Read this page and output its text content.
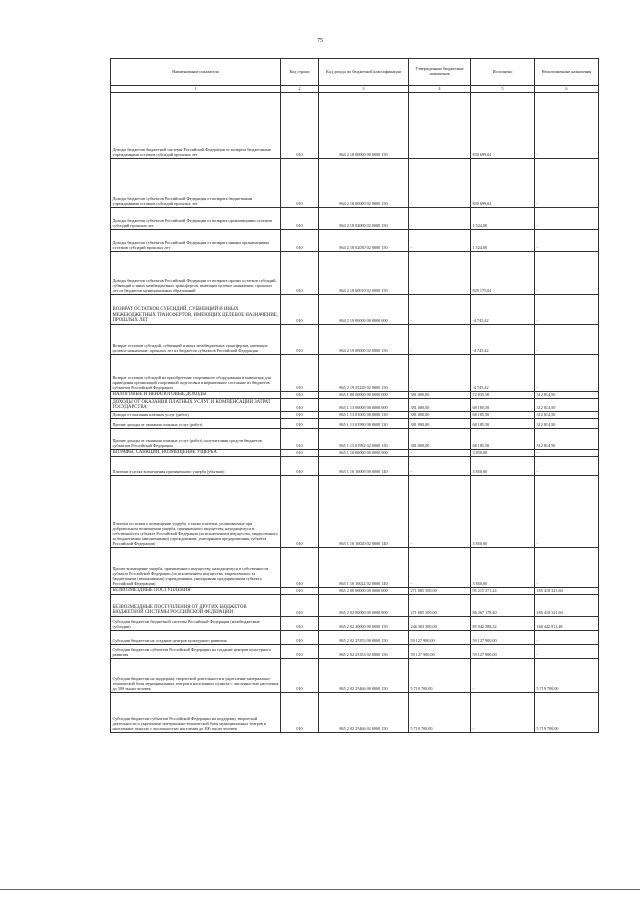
75
Наименование показателя	Код строки	Код дохода по бюджетной классификации	Утвержденные бюджетные назначения	Исполнено	Неисполненные назначения
1	2	3	4	5	6
Доходы бюджетов бюджетной системы Российской Федерации от возврата бюджетными учреждениями остатков субсидий прошлых лет	010	864 2 18 00000 00 0000 150	-	830 699,04	-
Доходы бюджетов субъектов Российской Федерации от возврата бюджетными учреждениями остатков субсидий прошлых лет	010	864 2 18 00000 02 0000 150	-	830 699,04	-
Доходы бюджетов субъектов Российской Федерации от возврата организациями остатков субсидий прошлых лет	010	864 2 18 02000 02 0000 150	-	1 524,00	-
Доходы бюджетов субъектов Российской Федерации от возврата иными организациями остатков субсидий прошлых лет	010	864 2 18 02030 02 0000 150	-	1 524,00	-
Доходы бюджетов субъектов Российской Федерации от возврата прочих остатков субсидий, субвенций и иных межбюджетных трансфертов, имеющих целевое назначение, прошлых лет из бюджетов муниципальных образований	010	864 2 18 60010 02 0000 150	-	829 175,04	-
ВОЗВРАТ ОСТАТКОВ СУБСИДИЙ, СУБВЕНЦИЙ И ИНЫХ МЕЖБЮДЖЕТНЫХ ТРАНСФЕРТОВ, ИМЕЮЩИХ ЦЕЛЕВОЕ НАЗНАЧЕНИЕ, ПРОШЛЫХ ЛЕТ	010	864 2 19 00000 00 0000 000	-	-4 745,42	-
Возврат остатков субсидий, субвенций и иных межбюджетных трансфертов, имеющих целевое назначение, прошлых лет из бюджетов субъектов Российской Федерации	010	864 2 19 00000 02 0000 150	-	-4 745,42	-
Возврат остатков субсидий на приобретение спортивного оборудования и инвентаря для приведения организаций спортивной подготовки в нормативное состояние из бюджетов субъектов Российской Федерации	010	865 2 19 25229 02 0000 150	-	-4 745,42	-
НАЛОГОВЫЕ И НЕНАЛОГОВЫЕ ДОХОДЫ	010	865 1 00 00000 00 0000 000	381 000,00	72 035,50	312 814,50
ДОХОДЫ ОТ ОКАЗАНИЯ ПЛАТНЫХ УСЛУГ И КОМПЕНСАЦИИ ЗАТРАТ ГОСУДАРСТВА	010	865 1 13 00000 00 0000 000	381 000,00	68 185,50	312 814,50
Доходы от оказания платных услуг (работ)	010	865 1 13 01000 00 0000 130	381 000,00	68 185,50	312 814,50
Прочие доходы от оказания платных услуг (работ)	010	865 1 13 01990 00 0000 130	381 000,00	68 185,50	312 814,50
Прочие доходы от оказания платных услуг (работ) получателями средств бюджетов субъектов Российской Федерации	010	865 1 13 01992 02 0000 130	381 000,00	68 185,50	312 814,50
ШТРАФЫ, САНКЦИИ, ВОЗМЕЩЕНИЕ УЩЕРБА	010	865 1 16 00000 00 0000 000	-	3 850,00	-
Платежи в целях возмещения причиненного ущерба (убытков)	010	865 1 16 10000 00 0000 140	-	3 850,00	-
Платежи по искам о возмещении ущерба, а также платежи, уплачиваемые при добровольном возмещении ущерба, причиненного имуществу, находящемуся в собственности субъекта Российской Федерации (за исключением имущества, закрепленного за бюджетными (автономными) учреждениями, унитарными предприятиями субъекта Российской Федерации)	010	865 1 16 10020 02 0000 140	-	3 850,00	-
Прочее возмещение ущерба, причиненного имуществу, находящемуся в собственности субъекта Российской Федерации (за исключением имущества, закрепленного за бюджетными (автономными) учреждениями, унитарными предприятиями субъекта Российской Федерации)	010	865 1 16 10022 02 0000 140	-	3 850,00	-
БЕЗВОЗМЕЗДНЫЕ ПОСТУПЛЕНИЯ	010	865 2 00 00000 00 0000 000	271 685 500,00	95 215 371,24	185 418 321,60
БЕЗВОЗМЕЗДНЫЕ ПОСТУПЛЕНИЯ ОТ ДРУГИХ БЮДЖЕТОВ БЮДЖЕТНОЙ СИСТЕМЫ РОССИЙСКОЙ ФЕДЕРАЦИИ	010	865 2 02 00000 00 0000 000	271 685 500,00	86 267 178,40	185 418 321,60
Субсидии бюджетам бюджетной системы Российской Федерации (межбюджетные субсидии)	010	865 2 02 20000 00 0000 150	246 303 500,00	85 942 588,52	160 442 911,48
Субсидии бюджетам на создание центров культурного развития	010	865 2 02 25353 00 0000 150	59 127 900,00	59 127 900,00	-
Субсидии бюджетам субъектов Российской Федерации на создание центров культурного развития	010	865 2 02 25353 02 0000 150	59 127 900,00	59 127 900,00	-
Субсидии бюджетам на поддержку творческой деятельности и укрепление материально-технической базы муниципальных театров в населенных пунктах с численностью населения до 300 тысяч человек	010	865 2 02 25466 00 0000 150	5 719 700,00	-	5 719 700,00
Субсидии бюджетам субъектов Российской Федерации на поддержку творческой деятельности и укрепление материально-технической базы муниципальных театров в населенных пунктах с численностью населения до 300 тысяч человек	010	865 2 02 25466 02 0000 150	5 719 700,00	-	5 719 700,00
